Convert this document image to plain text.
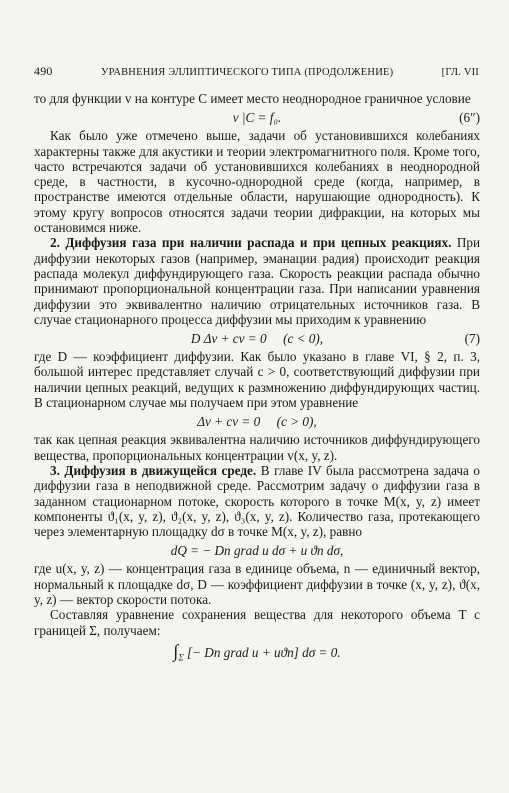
490	УРАВНЕНИЯ ЭЛЛИПТИЧЕСКОГО ТИПА (ПРОДОЛЖЕНИЕ)	[ГЛ. VII

то для функции v на контуре C имеет место неоднородное граничное условие

v |C = f₀.	(6″)

Как было уже отмечено выше, задачи об установившихся колебаниях характерны также для акустики и теории электромагнитного поля. Кроме того, часто встречаются задачи об установившихся колебаниях в неоднородной среде, в частности, в кусочно-однородной среде (когда, например, в пространстве имеются отдельные области, нарушающие однородность). К этому кругу вопросов относятся задачи теории дифракции, на которых мы остановимся ниже.

2. Диффузия газа при наличии распада и при цепных реакциях. При диффузии некоторых газов (например, эманации радия) происходит реакция распада молекул диффундирующего газа. Скорость реакции распада обычно принимают пропорциональной концентрации газа. При написании уравнения диффузии это эквивалентно наличию отрицательных источников газа. В случае стационарного процесса диффузии мы приходим к уравнению

D Δv + cv = 0     (c < 0),	(7)

где D — коэффициент диффузии. Как было указано в главе VI, § 2, п. 3, большой интерес представляет случай c > 0, соответствующий диффузии при наличии цепных реакций, ведущих к размножению диффундирующих частиц. В стационарном случае мы получаем при этом уравнение

Δv + cv = 0     (c > 0),

так как цепная реакция эквивалентна наличию источников диффундирующего вещества, пропорциональных концентрации v(x, y, z).

3. Диффузия в движущейся среде. В главе IV была рассмотрена задача о диффузии газа в неподвижной среде. Рассмотрим задачу о диффузии газа в заданном стационарном потоке, скорость которого в точке M(x, y, z) имеет компоненты ϑ₁(x, y, z), ϑ₂(x, y, z), ϑ₃(x, y, z). Количество газа, протекающего через элементарную площадку dσ в точке M(x, y, z), равно

dQ = − Dn grad u dσ + u ϑn dσ,

где u(x, y, z) — концентрация газа в единице объема, n — единичный вектор, нормальный к площадке dσ, D — коэффициент диффузии в точке (x, y, z), ϑ(x, y, z) — вектор скорости потока.

Составляя уравнение сохранения вещества для некоторого объема T с границей Σ, получаем:

$\int_\Sigma$ [− Dn grad u + uϑn] dσ = 0.
